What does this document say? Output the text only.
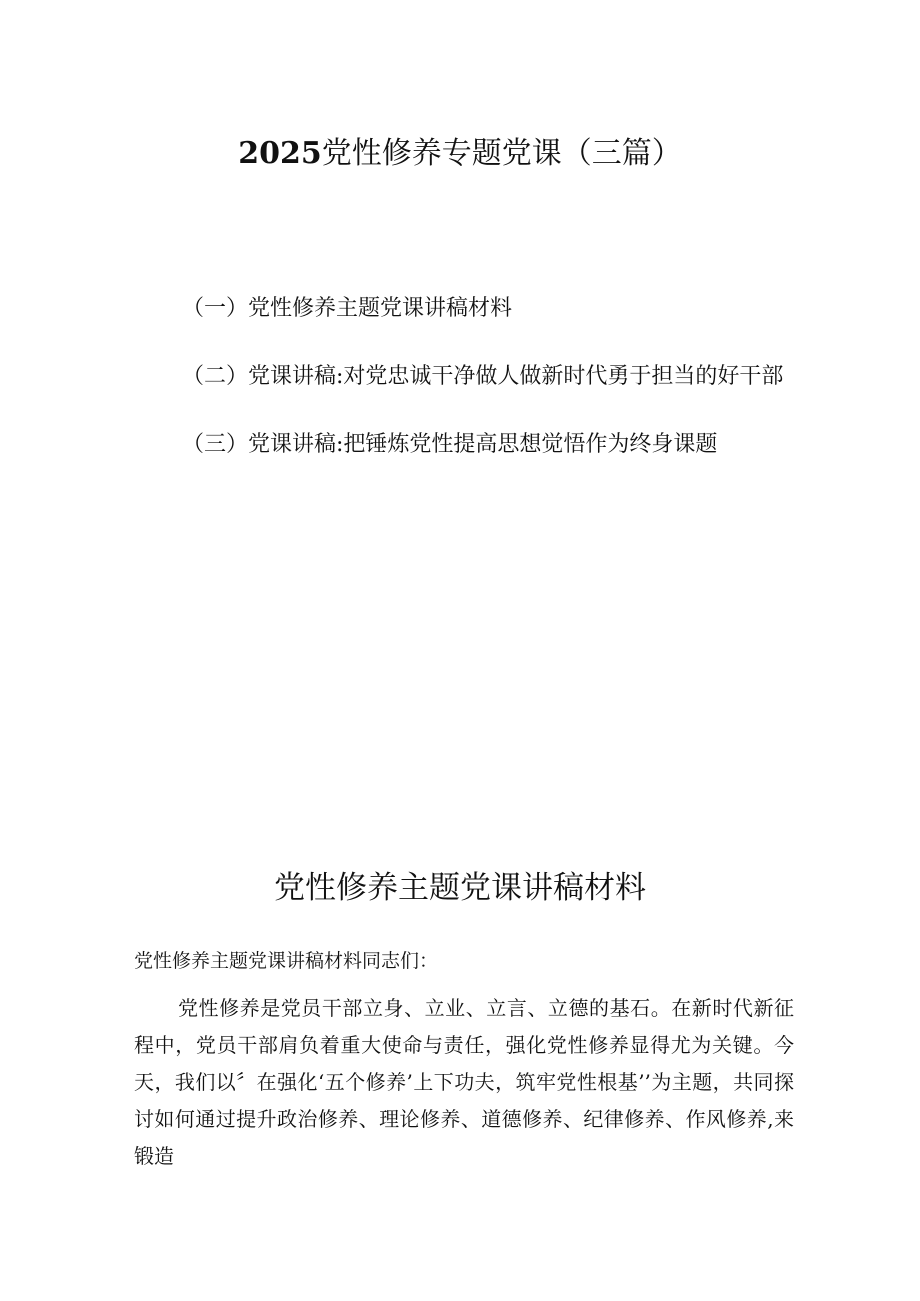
2025党性修养专题党课（三篇）
（一）党性修养主题党课讲稿材料
（二）党课讲稿:对党忠诚干净做人做新时代勇于担当的好干部
（三）党课讲稿:把锤炼党性提高思想觉悟作为终身课题
党性修养主题党课讲稿材料

党性修养主题党课讲稿材料同志们：

党性修养是党员干部立身、立业、立言、立德的基石。在新时代新征程中，党员干部肩负着重大使命与责任，强化党性修养显得尤为关键。今天，我们以〞在强化‘五个修养’上下功夫，筑牢党性根基’’为主题，共同探讨如何通过提升政治修养、理论修养、道德修养、纪律修养、作风修养,来锻造
